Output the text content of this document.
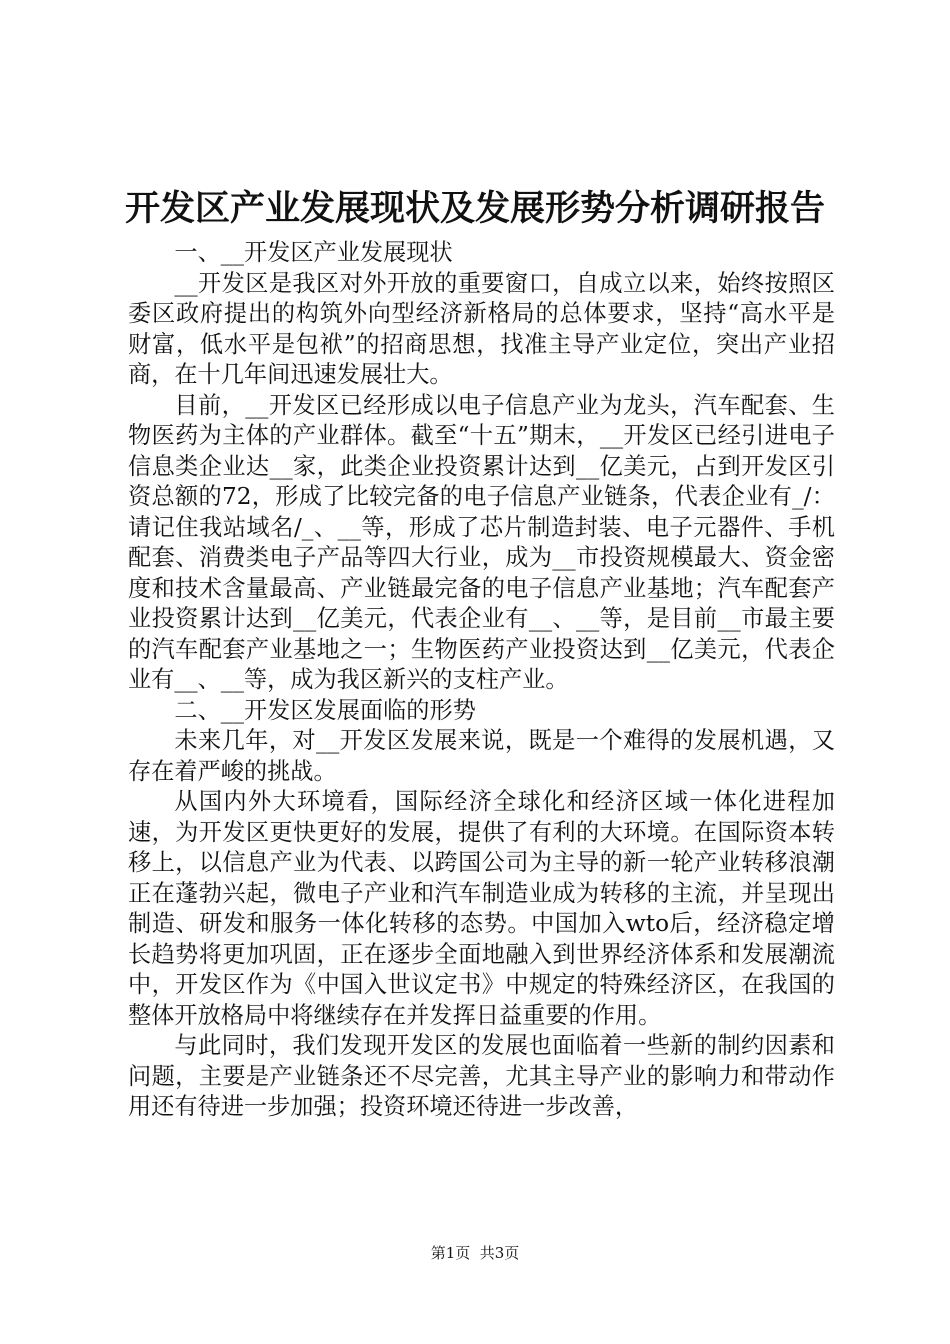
开发区产业发展现状及发展形势分析调研报告

一、__开发区产业发展现状

__开发区是我区对外开放的重要窗口，自成立以来，始终按照区委区政府提出的构筑外向型经济新格局的总体要求，坚持“高水平是财富，低水平是包袱”的招商思想，找准主导产业定位，突出产业招商，在十几年间迅速发展壮大。

目前，__开发区已经形成以电子信息产业为龙头，汽车配套、生物医药为主体的产业群体。截至“十五”期末，__开发区已经引进电子信息类企业达__家，此类企业投资累计达到__亿美元，占到开发区引资总额的72，形成了比较完备的电子信息产业链条，代表企业有_/：请记住我站域名/_、__等，形成了芯片制造封装、电子元器件、手机配套、消费类电子产品等四大行业，成为__市投资规模最大、资金密度和技术含量最高、产业链最完备的电子信息产业基地；汽车配套产业投资累计达到__亿美元，代表企业有__、__等，是目前__市最主要的汽车配套产业基地之一；生物医药产业投资达到__亿美元，代表企业有__、__等，成为我区新兴的支柱产业。

二、__开发区发展面临的形势

未来几年，对__开发区发展来说，既是一个难得的发展机遇，又存在着严峻的挑战。

从国内外大环境看，国际经济全球化和经济区域一体化进程加速，为开发区更快更好的发展，提供了有利的大环境。在国际资本转移上，以信息产业为代表、以跨国公司为主导的新一轮产业转移浪潮正在蓬勃兴起，微电子产业和汽车制造业成为转移的主流，并呈现出制造、研发和服务一体化转移的态势。中国加入wto后，经济稳定增长趋势将更加巩固，正在逐步全面地融入到世界经济体系和发展潮流中，开发区作为《中国入世议定书》中规定的特殊经济区，在我国的整体开放格局中将继续存在并发挥日益重要的作用。

与此同时，我们发现开发区的发展也面临着一些新的制约因素和问题，主要是产业链条还不尽完善，尤其主导产业的影响力和带动作用还有待进一步加强；投资环境还待进一步改善，

第1页  共3页
